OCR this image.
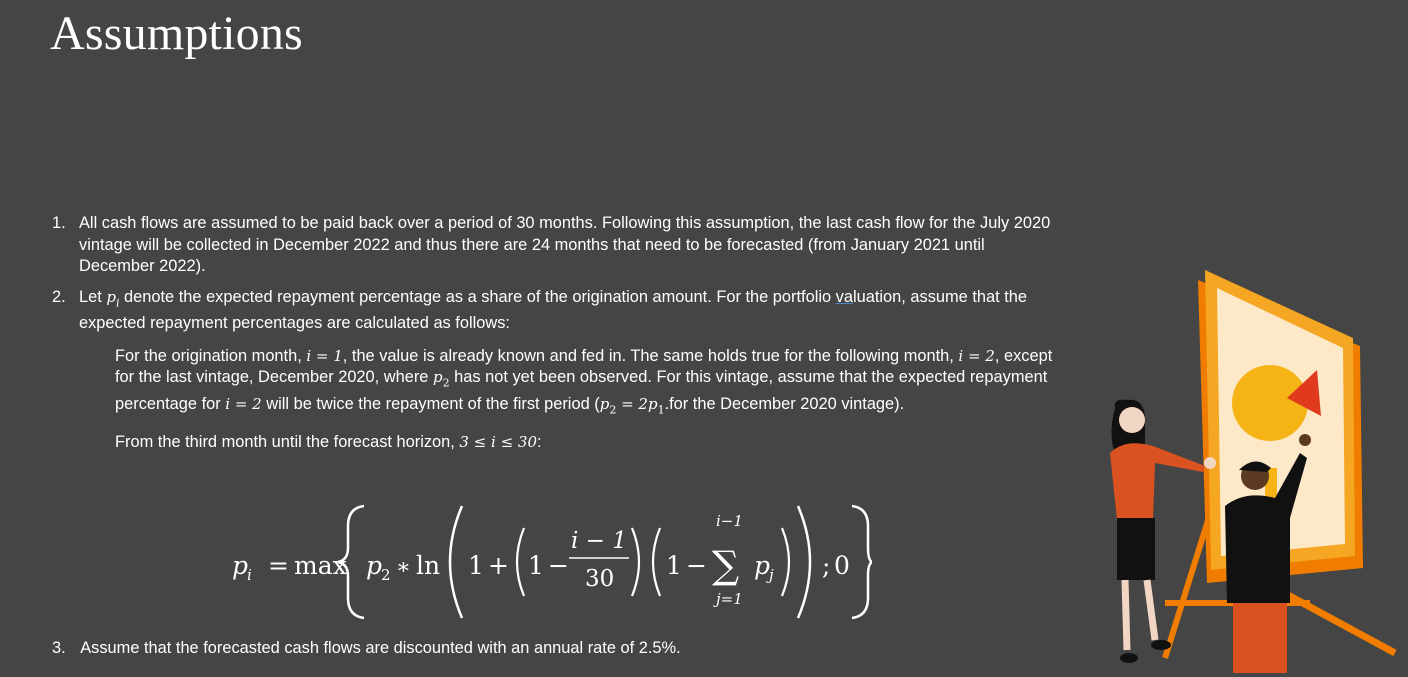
Assumptions
1. All cash flows are assumed to be paid back over a period of 30 months. Following this assumption, the last cash flow for the July 2020 vintage will be collected in December 2022 and thus there are 24 months that need to be forecasted (from January 2021 until December 2022).
2. Let $p_i$ denote the expected repayment percentage as a share of the origination amount. For the portfolio valuation, assume that the expected repayment percentages are calculated as follows:
For the origination month, i = 1, the value is already known and fed in. The same holds true for the following month, i = 2, except for the last vintage, December 2020, where $p_2$ has not yet been observed. For this vintage, assume that the expected repayment percentage for i = 2 will be twice the repayment of the first period ($p_2 = 2p_1.for$ the December 2020 vintage).
From the third month until the forecast horizon, 3 ≤ i ≤ 30:
p
i = max p
2 ∗ ln 1 + 1 −
i − 1
30 1 −
i−1
∑
j=1
p
j ; 0
3. Assume that the forecasted cash flows are discounted with an annual rate of 2.5%.
